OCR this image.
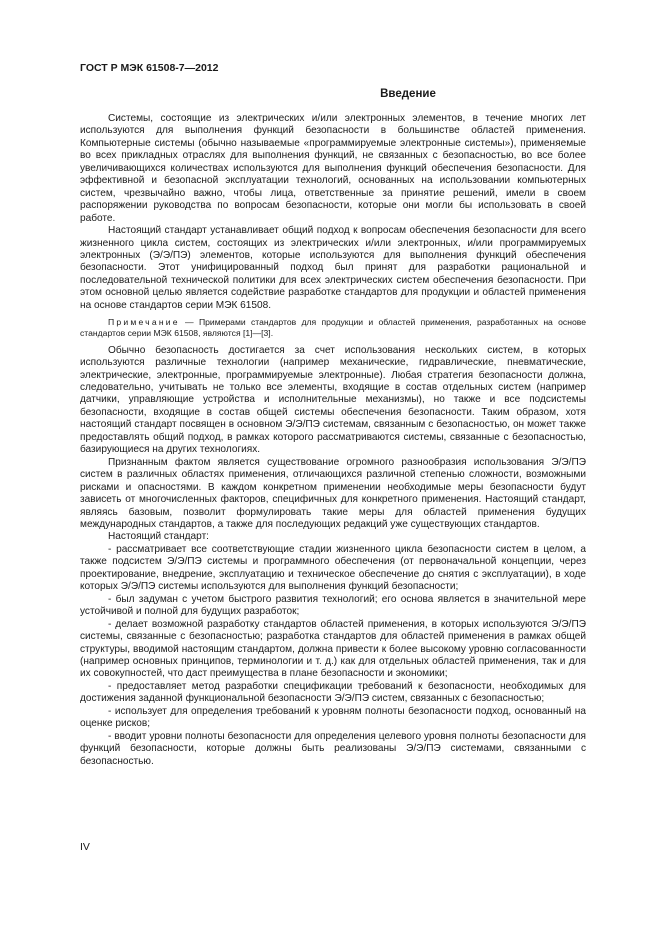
ГОСТ Р МЭК 61508-7—2012
Введение

Системы, состоящие из электрических и/или электронных элементов, в течение многих лет используются для выполнения функций безопасности в большинстве областей применения. Компьютерные системы (обычно называемые «программируемые электронные системы»), применяемые во всех прикладных отраслях для выполнения функций, не связанных с безопасностью, во все более увеличивающихся количествах используются для выполнения функций обеспечения безопасности. Для эффективной и безопасной эксплуатации технологий, основанных на использовании компьютерных систем, чрезвычайно важно, чтобы лица, ответственные за принятие решений, имели в своем распоряжении руководства по вопросам безопасности, которые они могли бы использовать в своей работе.

Настоящий стандарт устанавливает общий подход к вопросам обеспечения безопасности для всего жизненного цикла систем, состоящих из электрических и/или электронных, и/или программируемых электронных (Э/Э/ПЭ) элементов, которые используются для выполнения функций обеспечения безопасности. Этот унифицированный подход был принят для разработки рациональной и последовательной технической политики для всех электрических систем обеспечения безопасности. При этом основной целью является содействие разработке стандартов для продукции и областей применения на основе стандартов серии МЭК 61508.

Примечание — Примерами стандартов для продукции и областей применения, разработанных на основе стандартов серии МЭК 61508, являются [1]—[3].

Обычно безопасность достигается за счет использования нескольких систем, в которых используются различные технологии (например механические, гидравлические, пневматические, электрические, электронные, программируемые электронные). Любая стратегия безопасности должна, следовательно, учитывать не только все элементы, входящие в состав отдельных систем (например датчики, управляющие устройства и исполнительные механизмы), но также и все подсистемы безопасности, входящие в состав общей системы обеспечения безопасности. Таким образом, хотя настоящий стандарт посвящен в основном Э/Э/ПЭ системам, связанным с безопасностью, он может также предоставлять общий подход, в рамках которого рассматриваются системы, связанные с безопасностью, базирующиеся на других технологиях.

Признанным фактом является существование огромного разнообразия использования Э/Э/ПЭ систем в различных областях применения, отличающихся различной степенью сложности, возможными рисками и опасностями. В каждом конкретном применении необходимые меры безопасности будут зависеть от многочисленных факторов, специфичных для конкретного применения. Настоящий стандарт, являясь базовым, позволит формулировать такие меры для областей применения будущих международных стандартов, а также для последующих редакций уже существующих стандартов.

Настоящий стандарт:

- рассматривает все соответствующие стадии жизненного цикла безопасности систем в целом, а также подсистем Э/Э/ПЭ системы и программного обеспечения (от первоначальной концепции, через проектирование, внедрение, эксплуатацию и техническое обеспечение до снятия с эксплуатации), в ходе которых Э/Э/ПЭ системы используются для выполнения функций безопасности;

- был задуман с учетом быстрого развития технологий; его основа является в значительной мере устойчивой и полной для будущих разработок;

- делает возможной разработку стандартов областей применения, в которых используются Э/Э/ПЭ системы, связанные с безопасностью; разработка стандартов для областей применения в рамках общей структуры, вводимой настоящим стандартом, должна привести к более высокому уровню согласованности (например основных принципов, терминологии и т. д.) как для отдельных областей применения, так и для их совокупностей, что даст преимущества в плане безопасности и экономики;

- предоставляет метод разработки спецификации требований к безопасности, необходимых для достижения заданной функциональной безопасности Э/Э/ПЭ систем, связанных с безопасностью;

- использует для определения требований к уровням полноты безопасности подход, основанный на оценке рисков;

- вводит уровни полноты безопасности для определения целевого уровня полноты безопасности для функций безопасности, которые должны быть реализованы Э/Э/ПЭ системами, связанными с безопасностью.

IV
